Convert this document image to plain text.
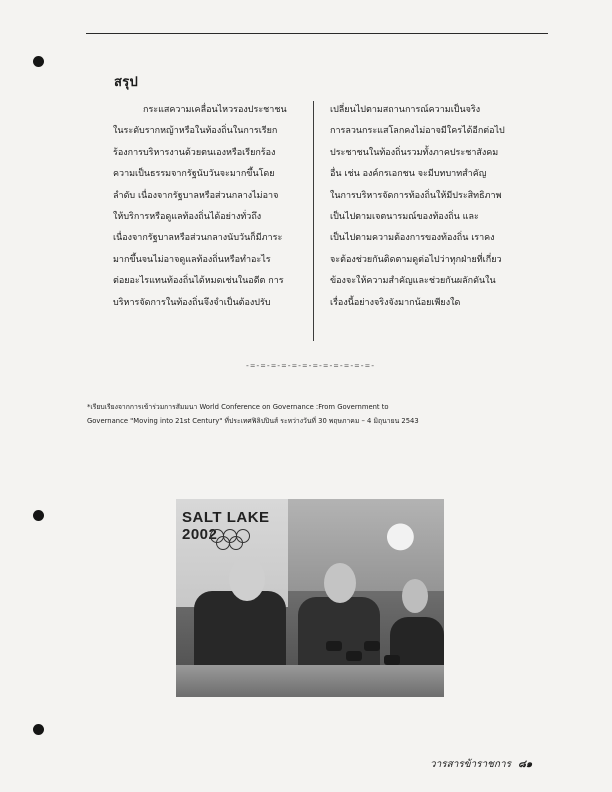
สรุป
กระแสความเคลื่อนไหวรองประชาชน
ในระดับรากหญ้าหรือในท้องถิ่นในการเรียก
ร้องการบริหารงานด้วยตนเองหรือเรียกร้อง
ความเป็นธรรมจากรัฐนับวันจะมากขึ้นโดย
ลำดับ เนื่องจากรัฐบาลหรือส่วนกลางไม่อาจ
ให้บริการหรือดูแลท้องถิ่นได้อย่างทั่วถึง
เนื่องจากรัฐบาลหรือส่วนกลางนับวันก็มีภาระ
มากขึ้นจนไม่อาจดูแลท้องถิ่นหรือทำอะไร
ต่อยอะไรแทนท้องถิ่นได้หมดเช่นในอดีต การ
บริหารจัดการในท้องถิ่นจึงจำเป็นต้องปรับ
เปลี่ยนไปตามสถานการณ์ความเป็นจริง
การลวนกระแสโลกคงไม่อาจมีใครได้อีกต่อไป
ประชาชนในท้องถิ่นรวมทั้งภาคประชาสังคม
อื่น เช่น องค์กรเอกชน จะมีบทบาทสำคัญ
ในการบริหารจัดการท้องถิ่นให้มีประสิทธิภาพ
เป็นไปตามเจตนารมณ์ของท้องถิ่น และ
เป็นไปตามความต้องการของท้องถิ่น เราคง
จะต้องช่วยกันติดตามดูต่อไปว่าทุกฝ่ายที่เกี่ยว
ข้องจะให้ความสำคัญและช่วยกันผลักดันใน
เรื่องนี้อย่างจริงจังมากน้อยเพียงใด
-=-=-=-=-=-=-=-=-=-=-=-=-
*เรียบเรียงจากการเข้าร่วมการสัมมนา World Conference on Governance :From Government to
Governance "Moving into 21st Century" ที่ประเทศฟิลิปปินส์ ระหว่างวันที่ 30 พฤษภาคม – 4 มิถุนายน 2543
SALT LAKE 2002
วารสารข้าราชการ ๘๑
